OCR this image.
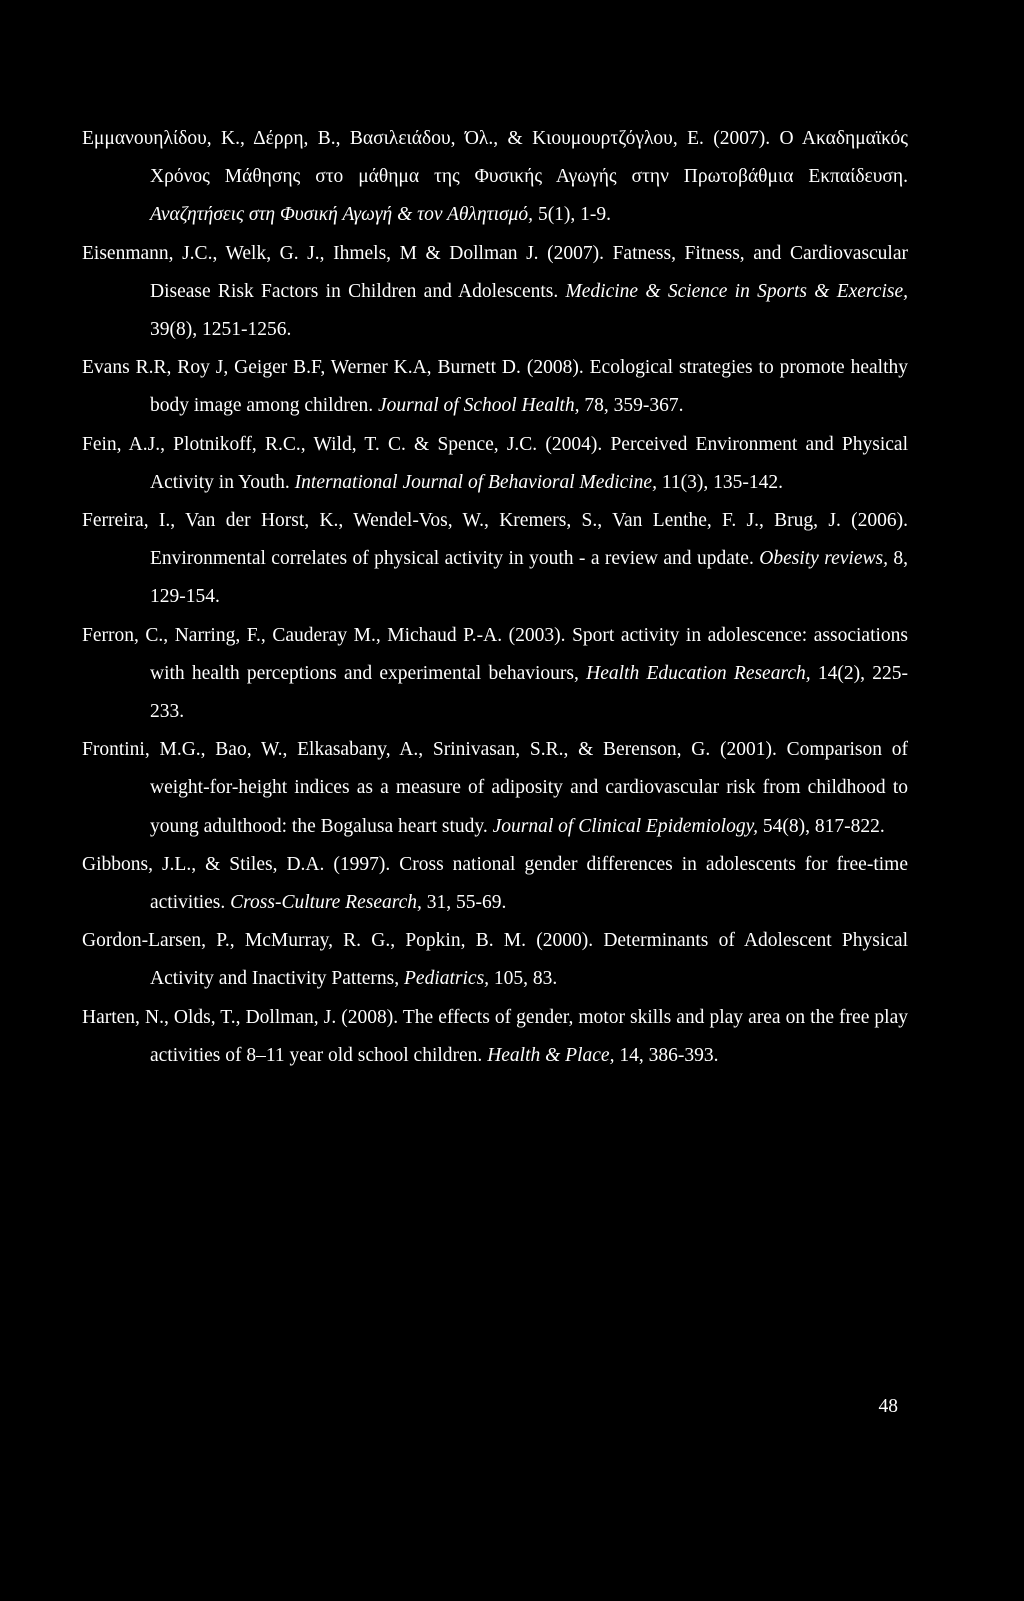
Εμμανουηλίδου, Κ., Δέρρη, Β., Βασιλειάδου, Όλ., & Κιουμουρτζόγλου, Ε. (2007). Ο Ακαδημαϊκός Χρόνος Μάθησης στο μάθημα της Φυσικής Αγωγής στην Πρωτοβάθμια Εκπαίδευση. Αναζητήσεις στη Φυσική Αγωγή & τον Αθλητισμό, 5(1), 1-9.

Eisenmann, J.C., Welk, G. J., Ihmels, M & Dollman J. (2007). Fatness, Fitness, and Cardiovascular Disease Risk Factors in Children and Adolescents. Medicine & Science in Sports & Exercise, 39(8), 1251-1256.

Evans R.R, Roy J, Geiger B.F, Werner K.A, Burnett D. (2008). Ecological strategies to promote healthy body image among children. Journal of School Health, 78, 359-367.

Fein, A.J., Plotnikoff, R.C., Wild, T. C. & Spence, J.C. (2004). Perceived Environment and Physical Activity in Youth. International Journal of Behavioral Medicine, 11(3), 135-142.

Ferreira, I., Van der Horst, K., Wendel-Vos, W., Kremers, S., Van Lenthe, F. J., Brug, J. (2006). Environmental correlates of physical activity in youth - a review and update. Obesity reviews, 8, 129-154.

Ferron, C., Narring, F., Cauderay M., Michaud P.-A. (2003). Sport activity in adolescence: associations with health perceptions and experimental behaviours, Health Education Research, 14(2), 225-233.

Frontini, M.G., Bao, W., Elkasabany, A., Srinivasan, S.R., & Berenson, G. (2001). Comparison of weight-for-height indices as a measure of adiposity and cardiovascular risk from childhood to young adulthood: the Bogalusa heart study. Journal of Clinical Epidemiology, 54(8), 817-822.

Gibbons, J.L., & Stiles, D.A. (1997). Cross national gender differences in adolescents for free-time activities. Cross-Culture Research, 31, 55-69.

Gordon-Larsen, P., McMurray, R. G., Popkin, B. M. (2000). Determinants of Adolescent Physical Activity and Inactivity Patterns, Pediatrics, 105, 83.

Harten, N., Olds, T., Dollman, J. (2008). The effects of gender, motor skills and play area on the free play activities of 8–11 year old school children. Health & Place, 14, 386-393.

48
